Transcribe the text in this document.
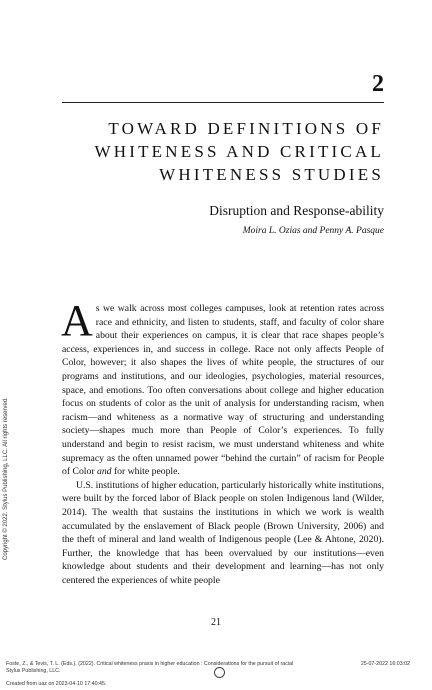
2
TOWARD DEFINITIONS OF
WHITENESS AND CRITICAL
WHITENESS STUDIES
Disruption and Response-ability
Moira L. Ozias and Penny A. Pasque

As we walk across most colleges campuses, look at retention rates across race and ethnicity, and listen to students, staff, and faculty of color share about their experiences on campus, it is clear that race shapes people’s access, experiences in, and success in college. Race not only affects People of Color, however; it also shapes the lives of white people, the structures of our programs and institutions, and our ideologies, psychologies, material resources, space, and emotions. Too often conversations about college and higher education focus on students of color as the unit of analysis for understanding racism, when racism—and whiteness as a normative way of structuring and understanding society—shapes much more than People of Color’s experiences. To fully understand and begin to resist racism, we must understand whiteness and white supremacy as the often unnamed power “behind the curtain” of racism for People of Color and for white people.

U.S. institutions of higher education, particularly historically white institutions, were built by the forced labor of Black people on stolen Indigenous land (Wilder, 2014). The wealth that sustains the institutions in which we work is wealth accumulated by the enslavement of Black people (Brown University, 2006) and the theft of mineral and land wealth of Indigenous people (Lee & Ahtone, 2020). Further, the knowledge that has been overvalued by our institutions—even knowledge about students and their development and learning—has not only centered the experiences of white people

21
Copyright © 2022. Stylus Publishing, LLC. All rights reserved.
Foste, Z., & Tevis, T. L. (Eds.). (2022). Critical whiteness praxis in higher education : Considerations for the pursuit of racial
Stylus Publishing, LLC.
Created from uaz on 2023-04-10 17:40:45.
25-07-2022 16:03:02
